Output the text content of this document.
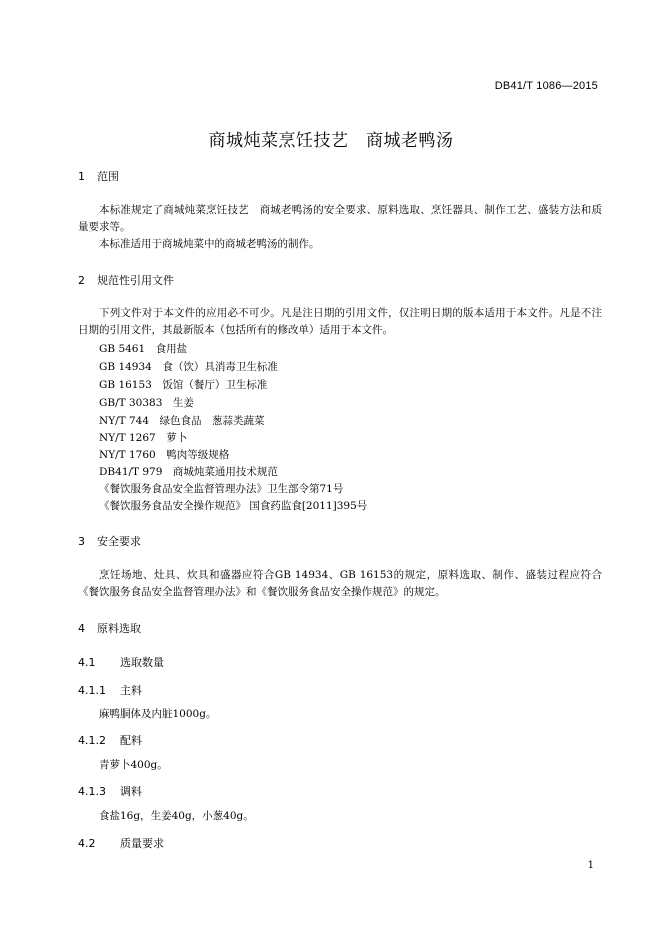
DB41/T 1086—2015
商城炖菜烹饪技艺　商城老鸭汤
1 范围
本标准规定了商城炖菜烹饪技艺　商城老鸭汤的安全要求、原料选取、烹饪器具、制作工艺、盛装方法和质量要求等。
本标准适用于商城炖菜中的商城老鸭汤的制作。
2 规范性引用文件
下列文件对于本文件的应用必不可少。凡是注日期的引用文件，仅注明日期的版本适用于本文件。凡是不注日期的引用文件，其最新版本（包括所有的修改单）适用于本文件。
GB 5461　食用盐
GB 14934　食（饮）具消毒卫生标准
GB 16153　饭馆（餐厅）卫生标准
GB/T 30383　生姜
NY/T 744　绿色食品　葱蒜类蔬菜
NY/T 1267　萝卜
NY/T 1760　鸭肉等级规格
DB41/T 979　商城炖菜通用技术规范
《餐饮服务食品安全监督管理办法》卫生部令第71号
《餐饮服务食品安全操作规范》 国食药监食[2011]395号
3 安全要求
烹饪场地、灶具、炊具和盛器应符合GB 14934、GB 16153的规定，原料选取、制作、盛装过程应符合《餐饮服务食品安全监督管理办法》和《餐饮服务食品安全操作规范》的规定。
4 原料选取
4.1 选取数量
4.1.1 主料
麻鸭胴体及内脏1000g。
4.1.2 配料
青萝卜400g。
4.1.3 调料
食盐16g，生姜40g，小葱40g。
4.2 质量要求
1
